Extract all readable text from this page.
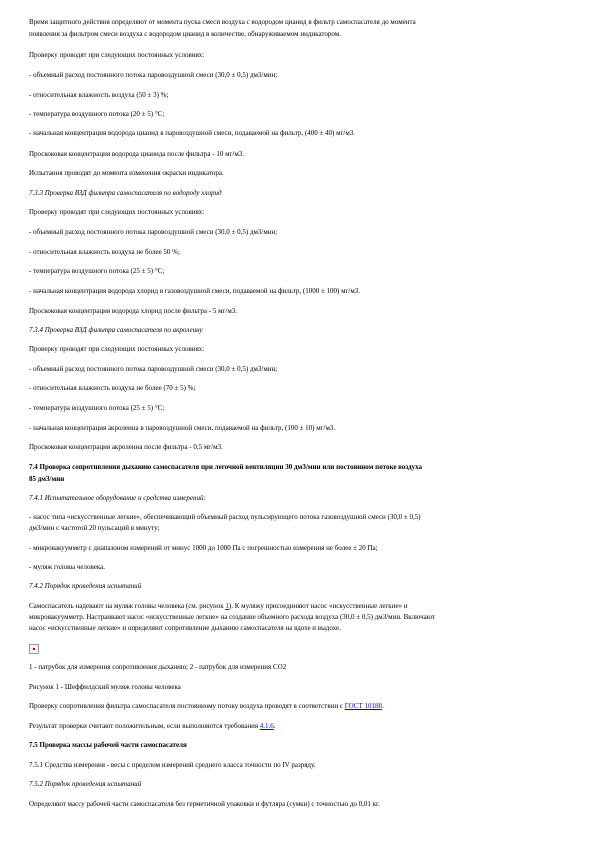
Время защитного действия определяют от момента пуска смеси воздуха с водородом цианид в фильтр самоспасателя до момента
появления за фильтром смеси воздуха с водородом цианид в количестве, обнаруживаемом индикатором.
Проверку проводят при следующих постоянных условиях:
- объемный расход постоянного потока паровоздушной смеси (30,0 ± 0,5) дм3/мин;
- относительная влажность воздуха (50 ± 3) %;
- температура воздушного потока (20 ± 5) °С;
- начальная концентрация водорода цианид в паровоздушной смеси, подаваемой на фильтр, (400 ± 40) мг/м3.
Проскоковая концентрация водорода цианида после фильтра - 10 мг/м3.
Испытания проводят до момента изменения окраски индикатора.
7.3.3 Проверка ВЗД фильтра самоспасателя по водороду хлорид
Проверку проводят при следующих постоянных условиях:
- объемный расход постоянного потока паровоздушной смеси (30,0 ± 0,5) дм3/мин;
- относительная влажность воздуха не более 50 %;
- температура воздушного потока (25 ± 5) °С;
- начальная концентрация водорода хлорид в газовоздушной смеси, подаваемой на фильтр, (1000 ± 100) мг/м3.
Проскоковая концентрация водорода хлорид после фильтра - 5 мг/м3.
7.3.4 Проверка ВЗД фильтра самоспасателя по акролеину
Проверку проводят при следующих постоянных условиях:
- объемный расход постоянного потока паровоздушной смеси (30,0 ± 0,5) дм3/мин;
- относительная влажность воздуха не более (70 ± 5) %;
- температура воздушного потока (25 ± 5) °С;
- начальная концентрация акролеина в паровоздушной смеси, подаваемой на фильтр, (100 ± 10) мг/м3.
Проскоковая концентрация акролеина после фильтра - 0,5 мг/м3.
7.4 Проверка сопротивления дыханию самоспасателя при легочной вентиляции 30 дм3/мин или постоянном потоке воздуха
85 дм3/мин
7.4.1 Испытательное оборудование и средства измерений:
- насос типа «искусственные легкие», обеспечивающий объемный расход пульсирующего потока газовоздушной смеси (30,0 ± 0,5)
дм3/мин с частотой 20 пульсаций в минуту;
- микровакуумметр с диапазоном измерений от минус 1000 до 1000 Па с погрешностью измерения не более ± 20 Па;
- муляж головы человека.
7.4.2 Порядок проведения испытаний
Самоспасатель надевают на муляж головы человека (см. рисунок 1). К муляжу присоединяют насос «искусственные легкие» и
микровакуумметр. Настраивают насос «искусственные легкие» на создание объемного расхода воздуха (30,0 ± 0,5) дм3/мин. Включают
насос «искусственные легкие» и определяют сопротивление дыханию самоспасателя на вдохе и выдохе.
1 - патрубок для измерения сопротивления дыханию; 2 - патрубок для измерения СО2
Рисунок 1 - Шеффилдский муляж головы человека
Проверку сопротивления фильтра самоспасателя постоянному потоку воздуха проводят в соответствии с ГОСТ 10188.
Результат проверки считают положительным, если выполняются требования 4.1.6.
7.5 Проверка массы рабочей части самоспасателя
7.5.1 Средства измерения - весы с пределом измерений среднего класса точности по IV разряду.
7.5.2 Порядок проведения испытаний
Определяют массу рабочей части самоспасателя без герметичной упаковки и футляра (сумки) с точностью до 0,01 кг.
